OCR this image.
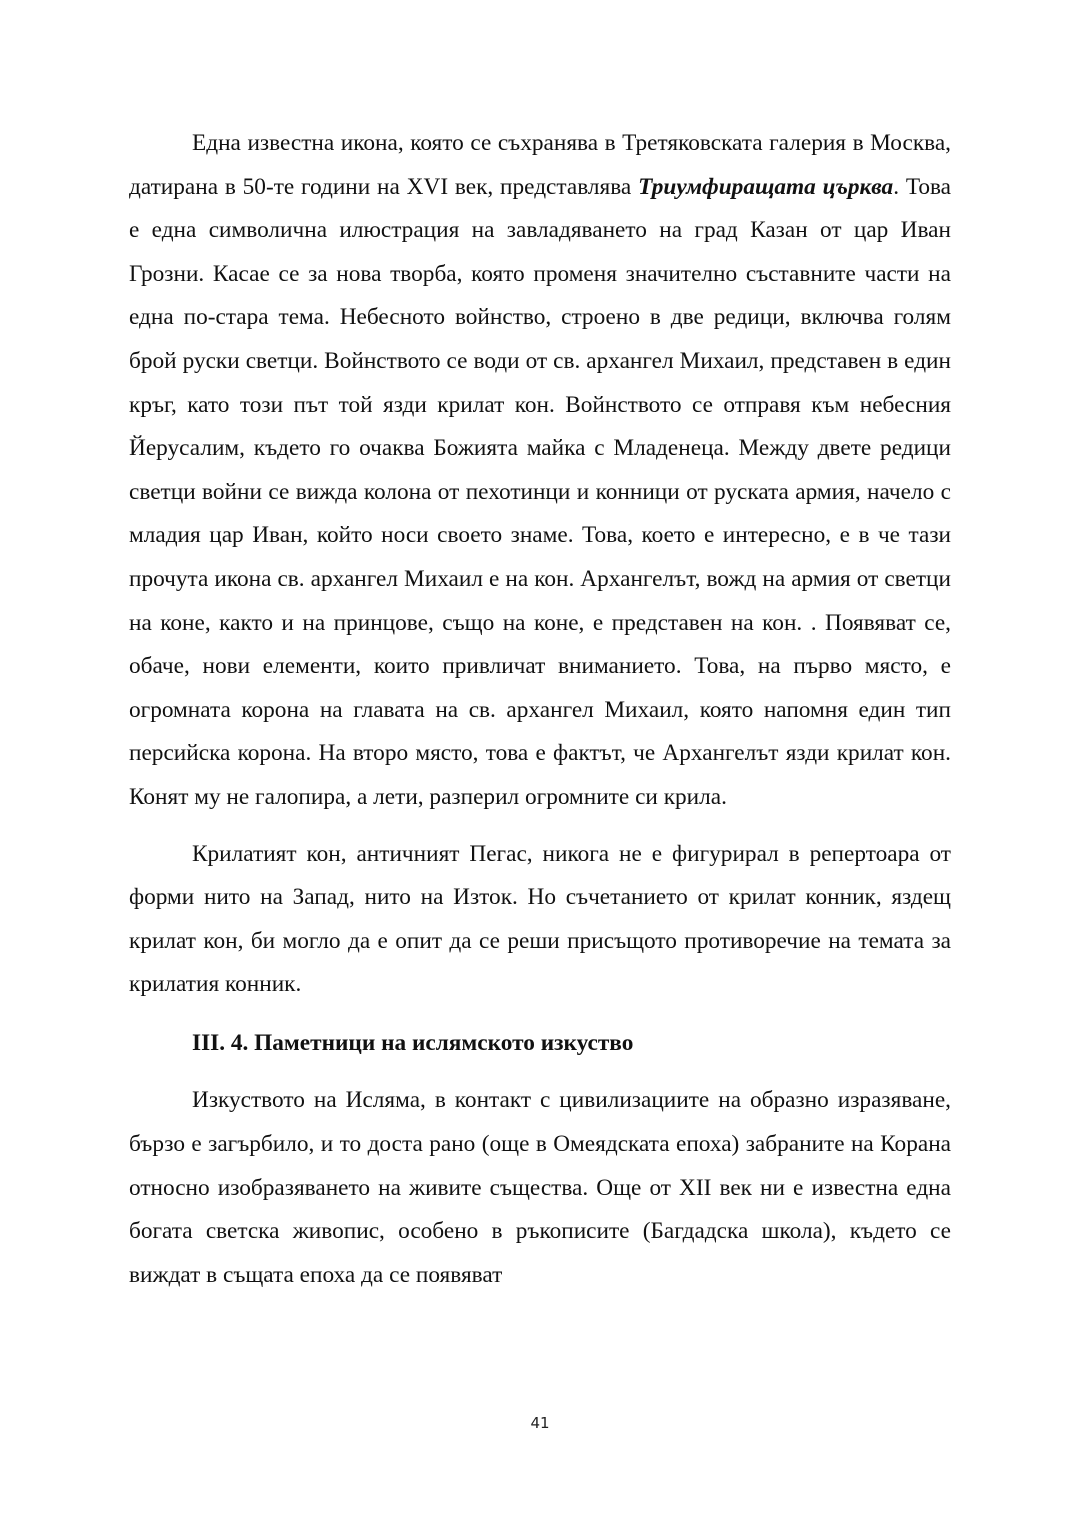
Една известна икона, която се съхранява в Третяковската галерия в Москва, датирана в 50-те години на XVI век, представлява Триумфиращата църква. Това е една символична илюстрация на завладяването на град Казан от цар Иван Грозни. Касае се за нова творба, която променя значително съставните части на една по-стара тема. Небесното войнство, строено в две редици, включва голям брой руски светци. Войнството се води от св. архангел Михаил, представен в един кръг, като този път той язди крилат кон. Войнството се отправя към небесния Йерусалим, където го очаква Божията майка с Младенеца. Между двете редици светци войни се вижда колона от пехотинци и конници от руската армия, начело с младия цар Иван, който носи своето знаме. Това, което е интересно, е в че тази прочута икона св. архангел Михаил е на кон. Архангелът, вожд на армия от светци на коне, както и на принцове, също на коне, е представен на кон. . Появяват се, обаче, нови елементи, които привличат вниманието. Това, на първо място, е огромната корона на главата на св. архангел Михаил, която напомня един тип персийска корона. На второ място, това е фактът, че Архангелът язди крилат кон. Конят му не галопира, а лети, разперил огромните си крила.

Крилатият кон, античният Пегас, никога не е фигурирал в репертоара от форми нито на Запад, нито на Изток. Но съчетанието от крилат конник, яздещ крилат кон, би могло да е опит да се реши присъщото противоречие на темата за крилатия конник.

III. 4. Паметници на ислямското изкуство

Изкуството на Исляма, в контакт с цивилизациите на образно изразяване, бързо е загърбило, и то доста рано (още в Омеядската епоха) забраните на Корана относно изобразяването на живите същества. Още от XII век ни е известна една богата светска живопис, особено в ръкописите (Багдадска школа), където се виждат в същата епоха да се появяват

41
